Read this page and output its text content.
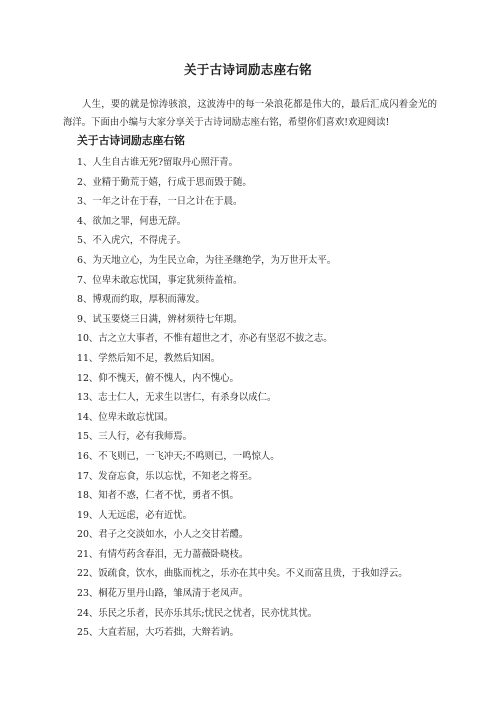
关于古诗词励志座右铭

人生，要的就是惊涛骇浪，这波涛中的每一朵浪花都是伟大的，最后汇成闪着金光的海洋。下面由小编与大家分享关于古诗词励志座右铭，希望你们喜欢!欢迎阅读!

关于古诗词励志座右铭
1、人生自古谁无死?留取丹心照汗青。
2、业精于勤荒于嬉，行成于思而毁于随。
3、一年之计在于春，一日之计在于晨。
4、欲加之罪，何患无辞。
5、不入虎穴，不得虎子。
6、为天地立心，为生民立命，为往圣继绝学，为万世开太平。
7、位卑未敢忘忧国，事定犹须待盖棺。
8、博观而约取，厚积而薄发。
9、试玉要烧三日满，辨材须待七年期。
10、古之立大事者，不惟有超世之才，亦必有坚忍不拔之志。
11、学然后知不足，教然后知困。
12、仰不愧天，俯不愧人，内不愧心。
13、志士仁人，无求生以害仁，有杀身以成仁。
14、位卑未敢忘忧国。
15、三人行，必有我师焉。
16、不飞则已，一飞冲天;不鸣则已，一鸣惊人。
17、发奋忘食，乐以忘忧，不知老之将至。
18、知者不惑，仁者不忧，勇者不惧。
19、人无远虑，必有近忧。
20、君子之交淡如水，小人之交甘若醴。
21、有情芍药含春泪，无力蔷薇卧晓枝。
22、饭疏食，饮水，曲肱而枕之，乐亦在其中矣。不义而富且贵，于我如浮云。
23、桐花万里丹山路，雏凤清于老凤声。
24、乐民之乐者，民亦乐其乐;忧民之忧者，民亦忧其忧。
25、大直若屈，大巧若拙，大辩若讷。
